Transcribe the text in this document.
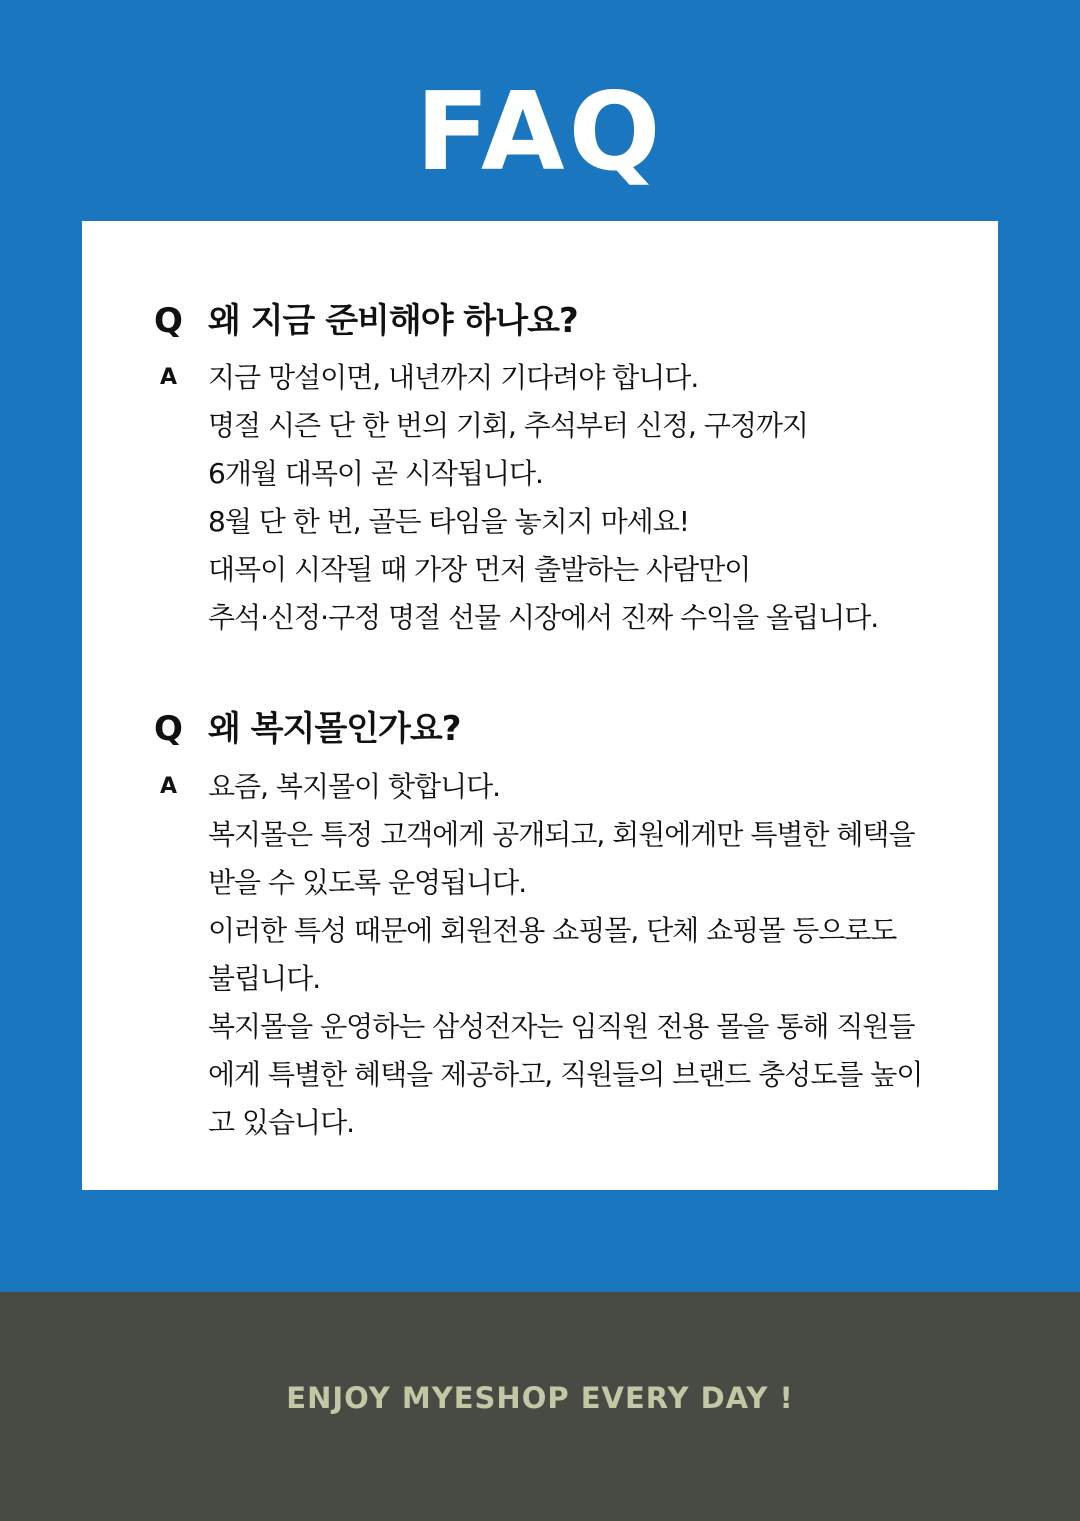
FAQ
Q 왜 지금 준비해야 하나요?
A 지금 망설이면, 내년까지 기다려야 합니다.
명절 시즌 단 한 번의 기회, 추석부터 신정, 구정까지
6개월 대목이 곧 시작됩니다.
8월 단 한 번, 골든 타임을 놓치지 마세요!
대목이 시작될 때 가장 먼저 출발하는 사람만이
추석·신정·구정 명절 선물 시장에서 진짜 수익을 올립니다.
Q 왜 복지몰인가요?
A 요즘, 복지몰이 핫합니다.
복지몰은 특정 고객에게 공개되고, 회원에게만 특별한 혜택을
받을 수 있도록 운영됩니다.
이러한 특성 때문에 회원전용 쇼핑몰, 단체 쇼핑몰 등으로도
불립니다.
복지몰을 운영하는 삼성전자는 임직원 전용 몰을 통해 직원들
에게 특별한 혜택을 제공하고, 직원들의 브랜드 충성도를 높이
고 있습니다.
ENJOY MYESHOP EVERY DAY !
